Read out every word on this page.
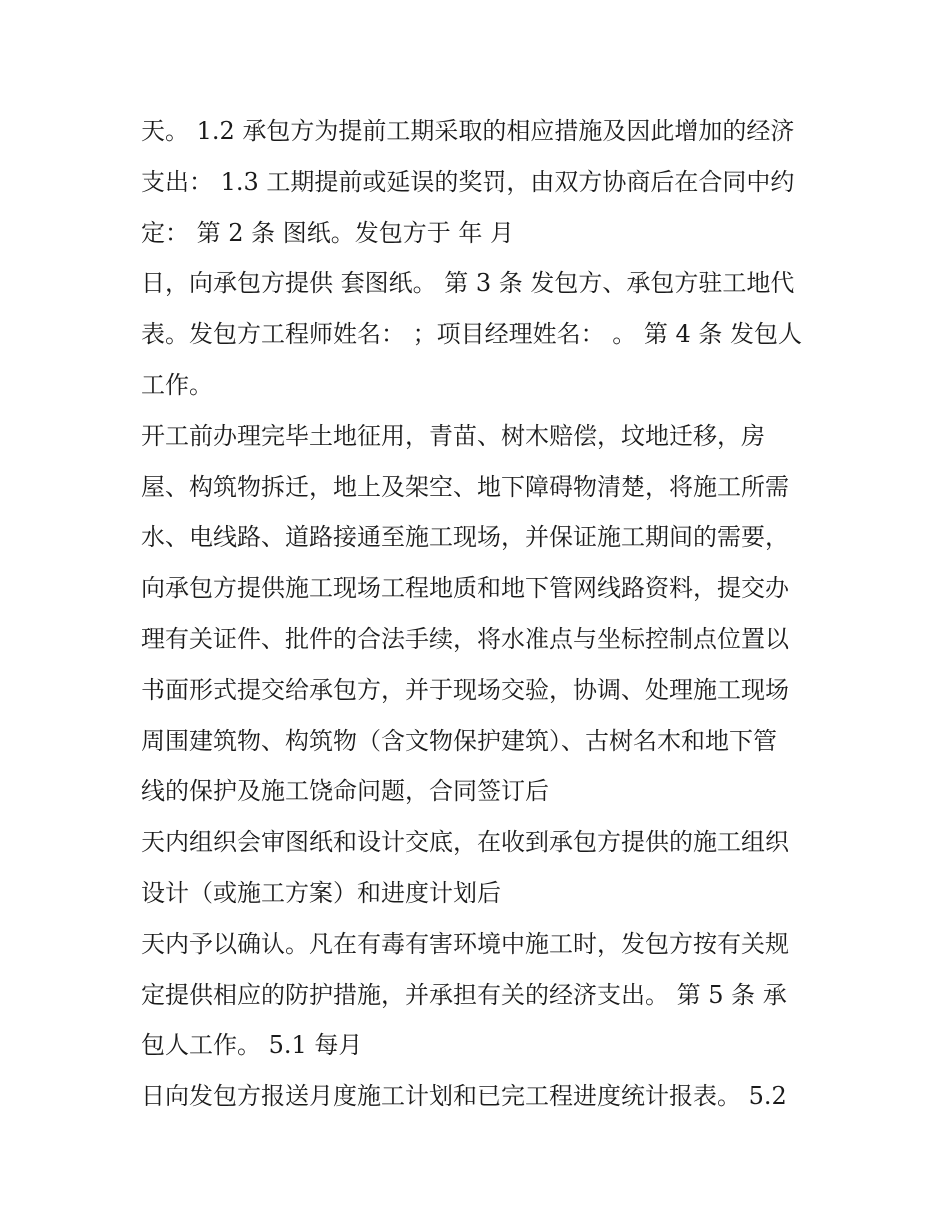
天。 1.2 承包方为提前工期采取的相应措施及因此增加的经济
支出： 1.3 工期提前或延误的奖罚，由双方协商后在合同中约
定： 第 2 条 图纸。发包方于 年 月
日，向承包方提供 套图纸。 第 3 条 发包方、承包方驻工地代
表。发包方工程师姓名： ；项目经理姓名： 。 第 4 条 发包人
工作。
开工前办理完毕土地征用，青苗、树木赔偿，坟地迁移，房
屋、构筑物拆迁，地上及架空、地下障碍物清楚，将施工所需
水、电线路、道路接通至施工现场，并保证施工期间的需要，
向承包方提供施工现场工程地质和地下管网线路资料，提交办
理有关证件、批件的合法手续，将水准点与坐标控制点位置以
书面形式提交给承包方，并于现场交验，协调、处理施工现场
周围建筑物、构筑物（含文物保护建筑）、古树名木和地下管
线的保护及施工饶命问题，合同签订后
天内组织会审图纸和设计交底，在收到承包方提供的施工组织
设计（或施工方案）和进度计划后
天内予以确认。凡在有毒有害环境中施工时，发包方按有关规
定提供相应的防护措施，并承担有关的经济支出。 第 5 条 承
包人工作。 5.1 每月
日向发包方报送月度施工计划和已完工程进度统计报表。 5.2
